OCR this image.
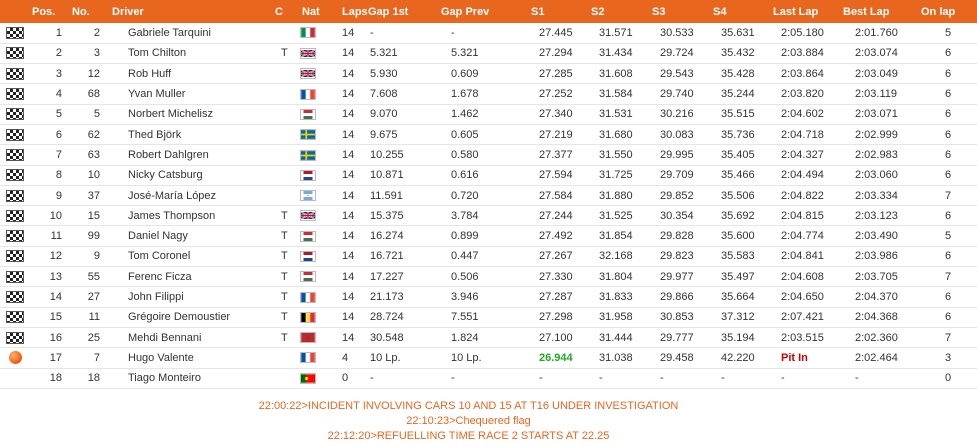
	Pos.	No.	Driver	C	Nat	Laps	Gap 1st	Gap Prev	S1	S2	S3	S4	Last Lap	Best Lap	On lap
	1	2	Gabriele Tarquini			14	-	-	27.445	31.571	30.533	35.631	2:05.180	2:01.760	5
	2	3	Tom Chilton	T		14	5.321	5.321	27.294	31.434	29.724	35.432	2:03.884	2:03.074	6
	3	12	Rob Huff			14	5.930	0.609	27.285	31.608	29.543	35.428	2:03.864	2:03.049	6
	4	68	Yvan Muller			14	7.608	1.678	27.252	31.584	29.740	35.244	2:03.820	2:03.119	6
	5	5	Norbert Michelisz			14	9.070	1.462	27.340	31.531	30.216	35.515	2:04.602	2:03.071	6
	6	62	Thed Björk			14	9.675	0.605	27.219	31.680	30.083	35.736	2:04.718	2:02.999	6
	7	63	Robert Dahlgren			14	10.255	0.580	27.377	31.550	29.995	35.405	2:04.327	2:02.983	6
	8	10	Nicky Catsburg			14	10.871	0.616	27.594	31.725	29.709	35.466	2:04.494	2:03.060	6
	9	37	José-María López			14	11.591	0.720	27.584	31.880	29.852	35.506	2:04.822	2:03.334	7
	10	15	James Thompson	T		14	15.375	3.784	27.244	31.525	30.354	35.692	2:04.815	2:03.123	6
	11	99	Daniel Nagy	T		14	16.274	0.899	27.492	31.854	29.828	35.600	2:04.774	2:03.490	5
	12	9	Tom Coronel	T		14	16.721	0.447	27.267	32.168	29.823	35.583	2:04.841	2:03.986	6
	13	55	Ferenc Ficza	T		14	17.227	0.506	27.330	31.804	29.977	35.497	2:04.608	2:03.705	7
	14	27	John Filippi	T		14	21.173	3.946	27.287	31.833	29.866	35.664	2:04.650	2:04.370	6
	15	11	Grégoire Demoustier	T		14	28.724	7.551	27.298	31.958	30.853	37.312	2:07.421	2:04.368	6
	16	25	Mehdi Bennani	T		14	30.548	1.824	27.100	31.444	29.777	35.194	2:03.515	2:02.360	7
	17	7	Hugo Valente			4	10 Lp.	10 Lp.	26.944	31.038	29.458	42.220	Pit In	2:02.464	3
	18	18	Tiago Monteiro			0	-	-	-	-	-	-	-	-	0
22:00:22>INCIDENT INVOLVING CARS 10 AND 15 AT T16 UNDER INVESTIGATION
22:10:23>Chequered flag
22:12:20>REFUELLING TIME RACE 2 STARTS AT 22.25
